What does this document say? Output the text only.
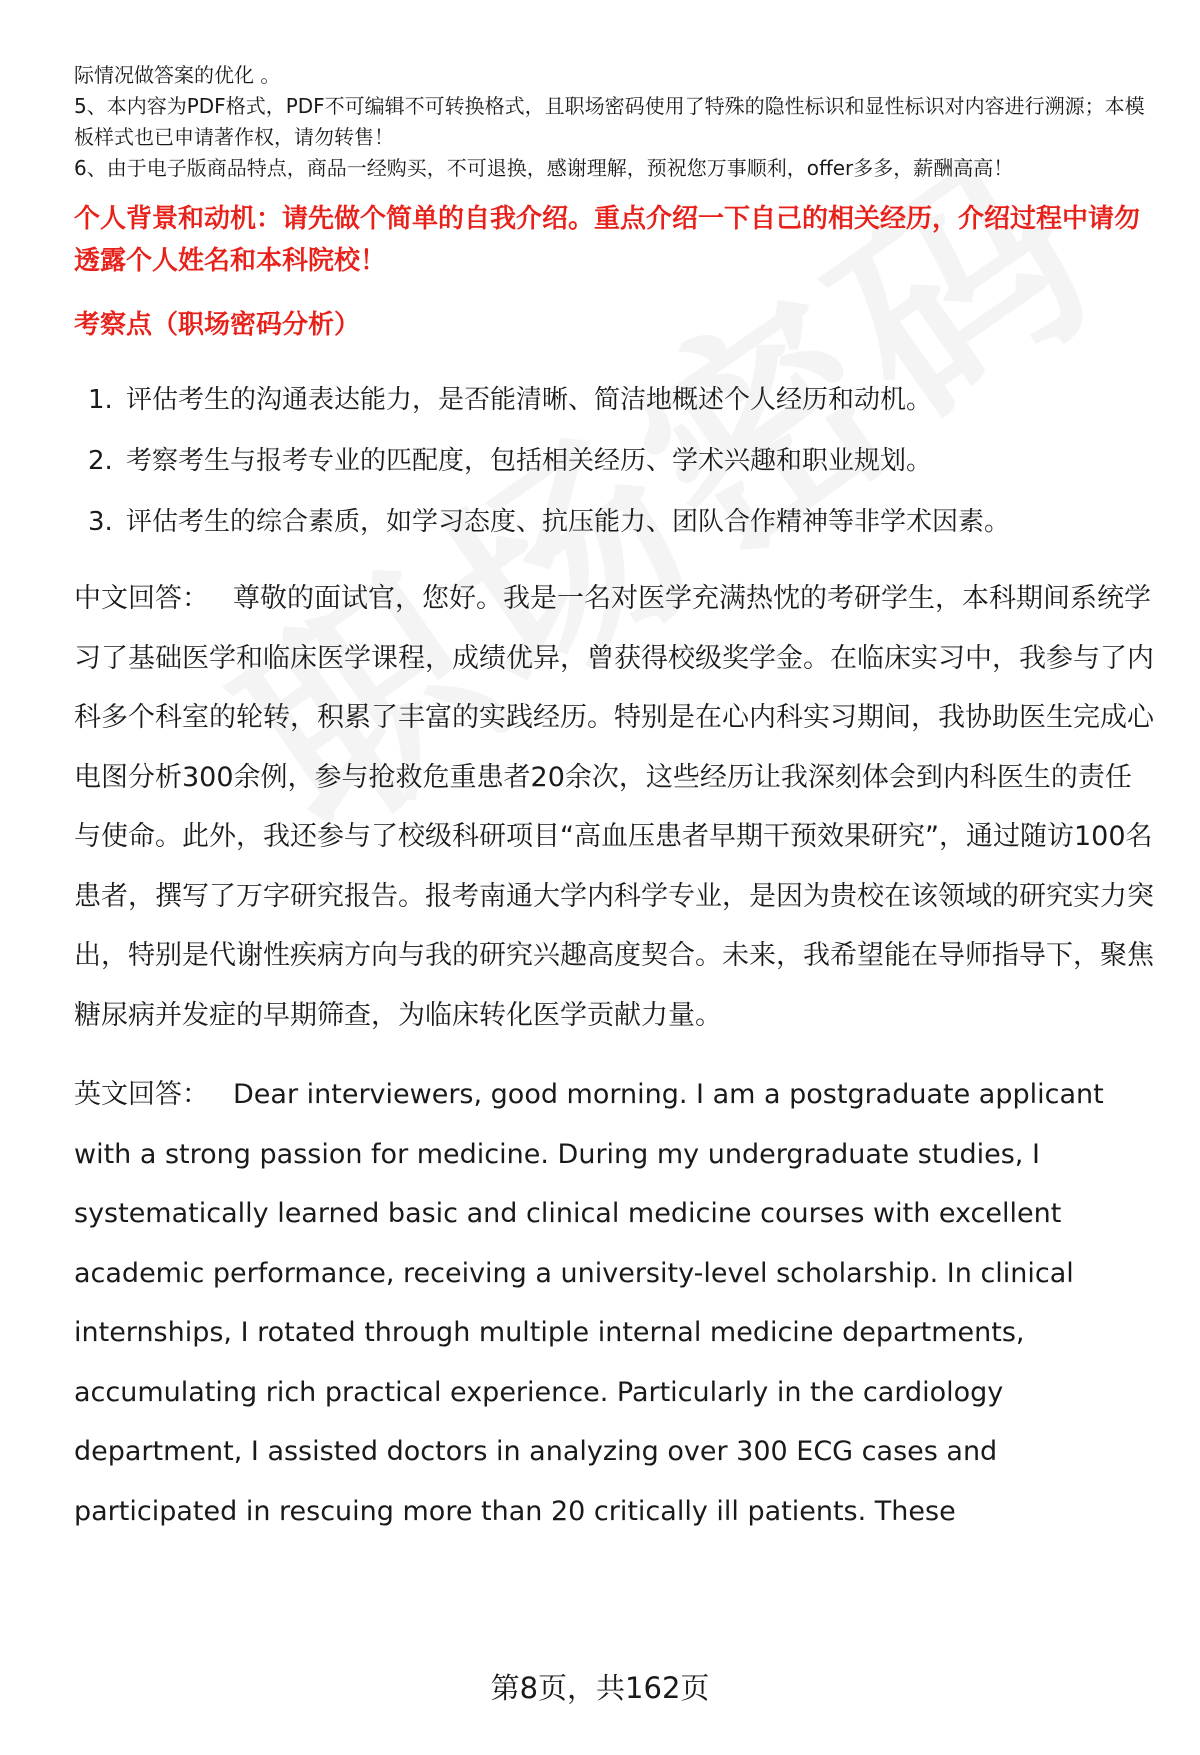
际情况做答案的优化 。

5、本内容为PDF格式，PDF不可编辑不可转换格式，且职场密码使用了特殊的隐性标识和显性标识对内容进行溯源；本模板样式也已申请著作权，请勿转售！

6、由于电子版商品特点，商品一经购买，不可退换，感谢理解，预祝您万事顺利，offer多多，薪酬高高！

个人背景和动机：请先做个简单的自我介绍。重点介绍一下自己的相关经历，介绍过程中请勿透露个人姓名和本科院校！

考察点（职场密码分析）

1. 评估考生的沟通表达能力，是否能清晰、简洁地概述个人经历和动机。
2. 考察考生与报考专业的匹配度，包括相关经历、学术兴趣和职业规划。
3. 评估考生的综合素质，如学习态度、抗压能力、团队合作精神等非学术因素。

中文回答： 尊敬的面试官，您好。我是一名对医学充满热忱的考研学生，本科期间系统学习了基础医学和临床医学课程，成绩优异，曾获得校级奖学金。在临床实习中，我参与了内科多个科室的轮转，积累了丰富的实践经历。特别是在心内科实习期间，我协助医生完成心电图分析300余例，参与抢救危重患者20余次，这些经历让我深刻体会到内科医生的责任与使命。此外，我还参与了校级科研项目“高血压患者早期干预效果研究”，通过随访100名患者，撰写了万字研究报告。报考南通大学内科学专业，是因为贵校在该领域的研究实力突出，特别是代谢性疾病方向与我的研究兴趣高度契合。未来，我希望能在导师指导下，聚焦糖尿病并发症的早期筛查，为临床转化医学贡献力量。

英文回答： Dear interviewers, good morning. I am a postgraduate applicant with a strong passion for medicine. During my undergraduate studies, I systematically learned basic and clinical medicine courses with excellent academic performance, receiving a university-level scholarship. In clinical internships, I rotated through multiple internal medicine departments, accumulating rich practical experience. Particularly in the cardiology department, I assisted doctors in analyzing over 300 ECG cases and participated in rescuing more than 20 critically ill patients. These

第8页，共162页
